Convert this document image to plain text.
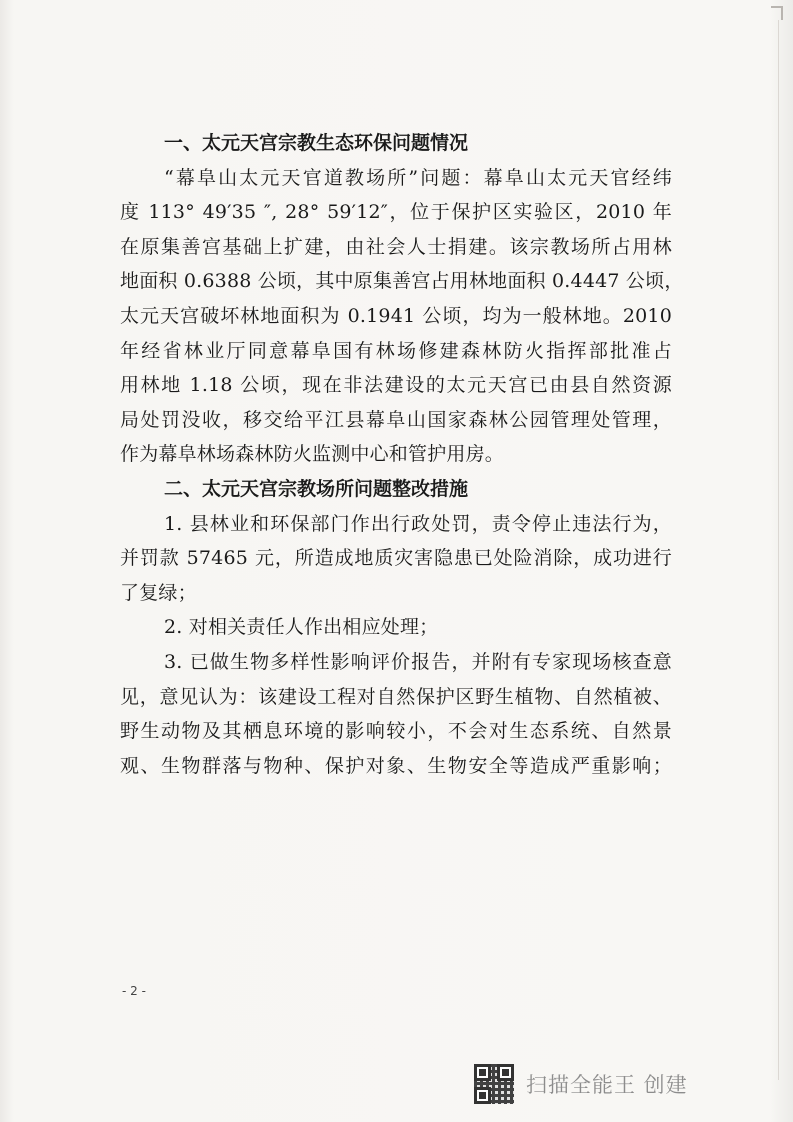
一、太元天宫宗教生态环保问题情况
“幕阜山太元天官道教场所”问题：幕阜山太元天官经纬
度 113° 49′35 ″, 28° 59′12″，位于保护区实验区，2010 年
在原集善宫基础上扩建，由社会人士捐建。该宗教场所占用林
地面积 0.6388 公顷，其中原集善宫占用林地面积 0.4447 公顷，
太元天宫破坏林地面积为 0.1941 公顷，均为一般林地。2010
年经省林业厅同意幕阜国有林场修建森林防火指挥部批准占
用林地 1.18 公顷，现在非法建设的太元天宫已由县自然资源
局处罚没收，移交给平江县幕阜山国家森林公园管理处管理，
作为幕阜林场森林防火监测中心和管护用房。
二、太元天宫宗教场所问题整改措施
1. 县林业和环保部门作出行政处罚，责令停止违法行为，
并罚款 57465 元，所造成地质灾害隐患已处险消除，成功进行
了复绿；
2. 对相关责任人作出相应处理；
3. 已做生物多样性影响评价报告，并附有专家现场核查意
见，意见认为：该建设工程对自然保护区野生植物、自然植被、
野生动物及其栖息环境的影响较小，不会对生态系统、自然景
观、生物群落与物种、保护对象、生物安全等造成严重影响；
- 2 -
扫描全能王 创建
